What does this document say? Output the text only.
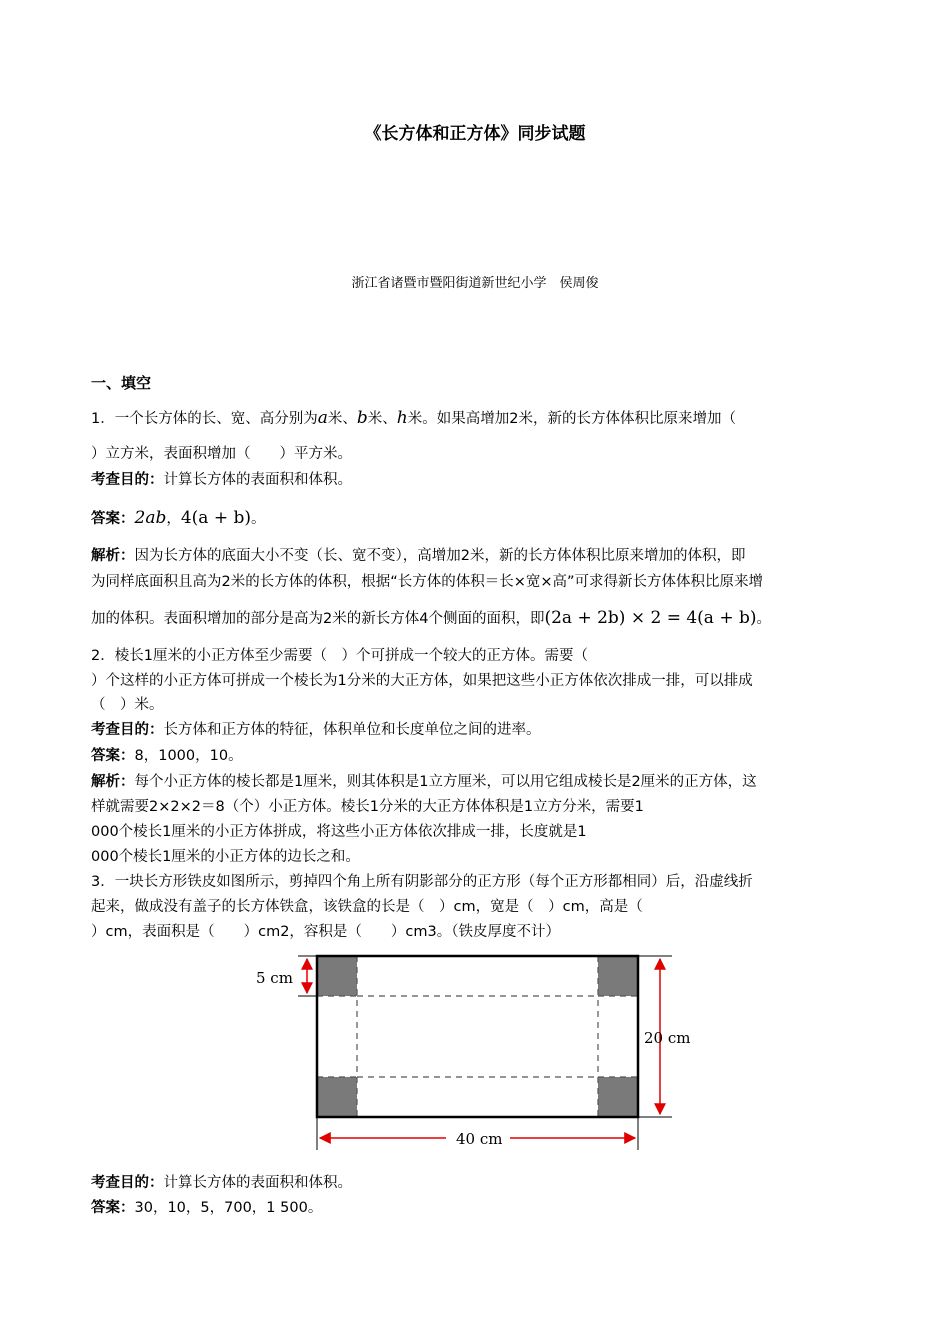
《长方体和正方体》同步试题
浙江省诸暨市暨阳街道新世纪小学　侯周俊
一、填空
1．一个长方体的长、宽、高分别为a米、b米、h米。如果高增加2米，新的长方体体积比原来增加（
）立方米，表面积增加（　　）平方米。
考查目的：计算长方体的表面积和体积。
答案：2ab，4(a + b)。
解析：因为长方体的底面大小不变（长、宽不变），高增加2米，新的长方体体积比原来增加的体积，即
为同样底面积且高为2米的长方体的体积，根据“长方体的体积＝长×宽×高”可求得新长方体体积比原来增
加的体积。表面积增加的部分是高为2米的新长方体4个侧面的面积，即(2a + 2b) × 2 = 4(a + b)。
2．棱长1厘米的小正方体至少需要（　）个可拼成一个较大的正方体。需要（
）个这样的小正方体可拼成一个棱长为1分米的大正方体，如果把这些小正方体依次排成一排，可以排成
（　）米。
考查目的：长方体和正方体的特征，体积单位和长度单位之间的进率。
答案：8，1000，10。
解析：每个小正方体的棱长都是1厘米，则其体积是1立方厘米，可以用它组成棱长是2厘米的正方体，这
样就需要2×2×2＝8（个）小正方体。棱长1分米的大正方体体积是1立方分米，需要1
000个棱长1厘米的小正方体拼成，将这些小正方体依次排成一排，长度就是1
000个棱长1厘米的小正方体的边长之和。
3．一块长方形铁皮如图所示，剪掉四个角上所有阴影部分的正方形（每个正方形都相同）后，沿虚线折
起来，做成没有盖子的长方体铁盒，该铁盒的长是（　）cm，宽是（　）cm，高是（
）cm，表面积是（　　）cm2，容积是（　　）cm3。（铁皮厚度不计）
5 cm
20 cm
40 cm
考查目的：计算长方体的表面积和体积。
答案：30，10，5，700，1 500。
